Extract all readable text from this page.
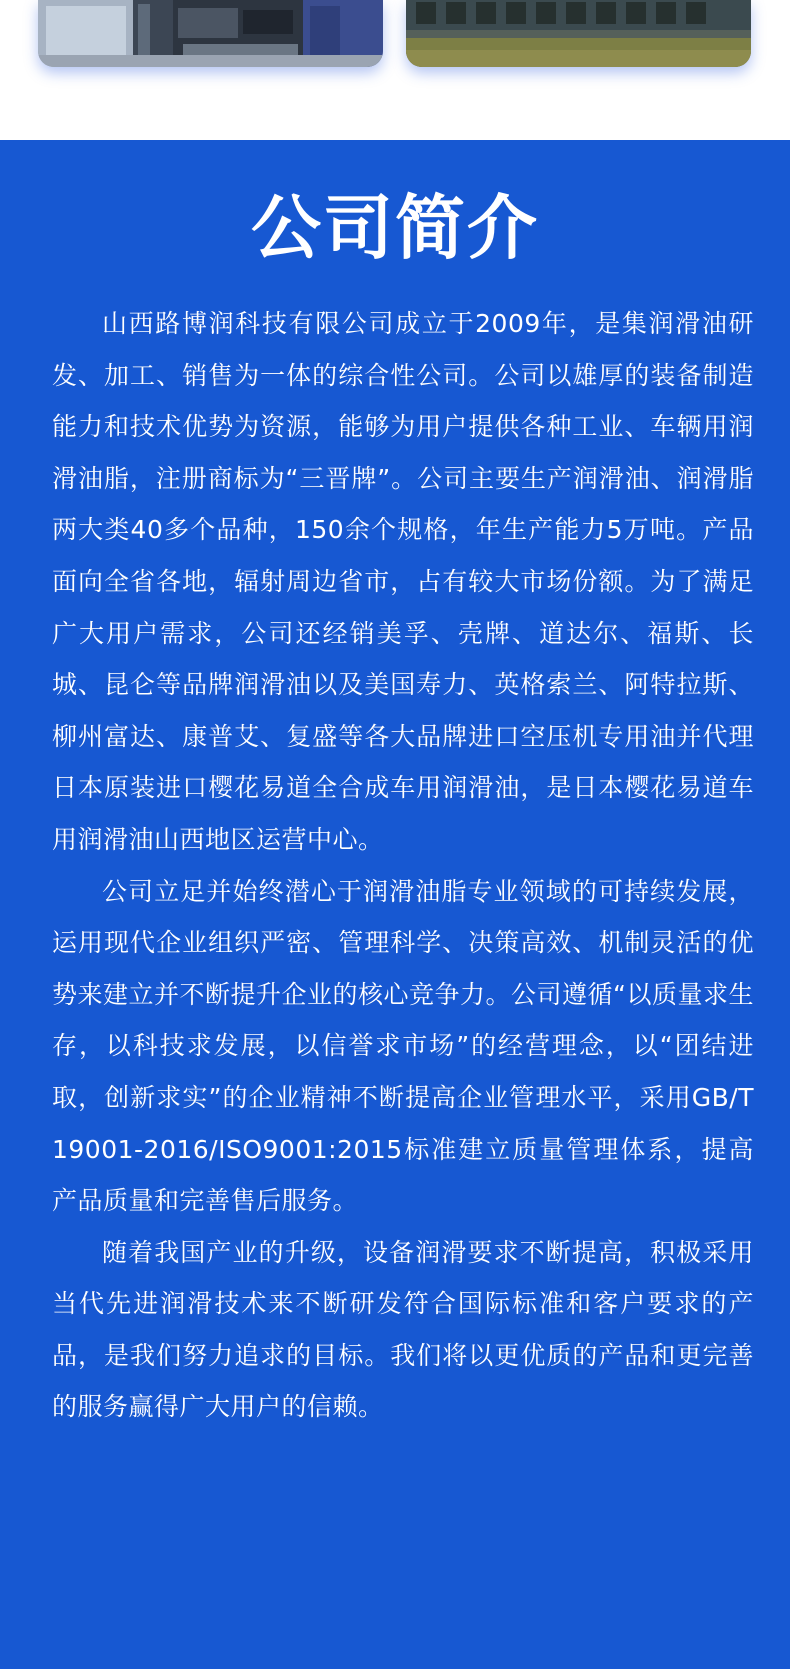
公司简介

山西路博润科技有限公司成立于2009年，是集润滑油研发、加工、销售为一体的综合性公司。公司以雄厚的装备制造能力和技术优势为资源，能够为用户提供各种工业、车辆用润滑油脂，注册商标为“三晋牌”。公司主要生产润滑油、润滑脂两大类40多个品种，150余个规格，年生产能力5万吨。产品面向全省各地，辐射周边省市，占有较大市场份额。为了满足广大用户需求，公司还经销美孚、壳牌、道达尔、福斯、长城、昆仑等品牌润滑油以及美国寿力、英格索兰、阿特拉斯、柳州富达、康普艾、复盛等各大品牌进口空压机专用油并代理日本原装进口樱花易道全合成车用润滑油，是日本樱花易道车用润滑油山西地区运营中心。

公司立足并始终潜心于润滑油脂专业领域的可持续发展，运用现代企业组织严密、管理科学、决策高效、机制灵活的优势来建立并不断提升企业的核心竞争力。公司遵循“以质量求生存，以科技求发展，以信誉求市场”的经营理念，以“团结进取，创新求实”的企业精神不断提高企业管理水平，采用GB/T19001-2016/ISO9001:2015标准建立质量管理体系，提高产品质量和完善售后服务。

随着我国产业的升级，设备润滑要求不断提高，积极采用当代先进润滑技术来不断研发符合国际标准和客户要求的产品，是我们努力追求的目标。我们将以更优质的产品和更完善的服务赢得广大用户的信赖。
